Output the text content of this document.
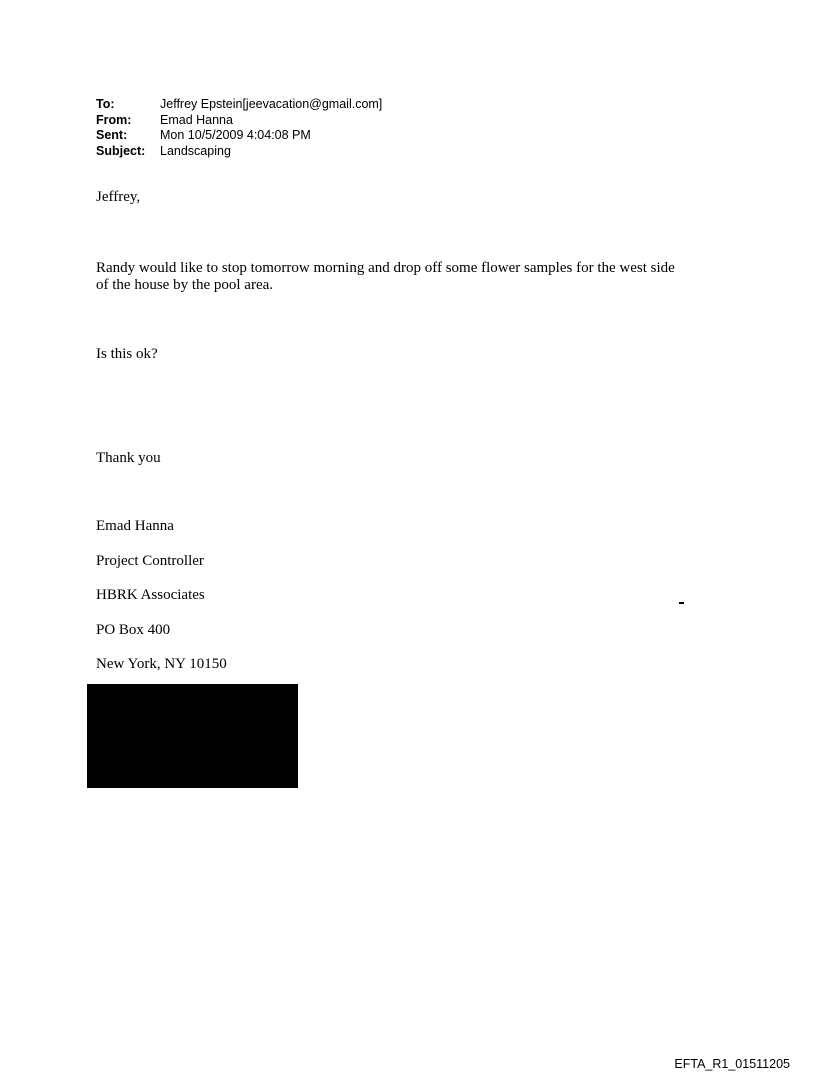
To:	Jeffrey Epstein[jeevacation@gmail.com]
From:	Emad Hanna
Sent:	Mon 10/5/2009 4:04:08 PM
Subject:	Landscaping
Jeffrey,
Randy would like to stop tomorrow morning and drop off some flower samples for the west side
of the house by the pool area.
Is this ok?
Thank you
Emad Hanna
Project Controller
HBRK Associates
PO Box 400
New York, NY 10150
EFTA_R1_01511205
